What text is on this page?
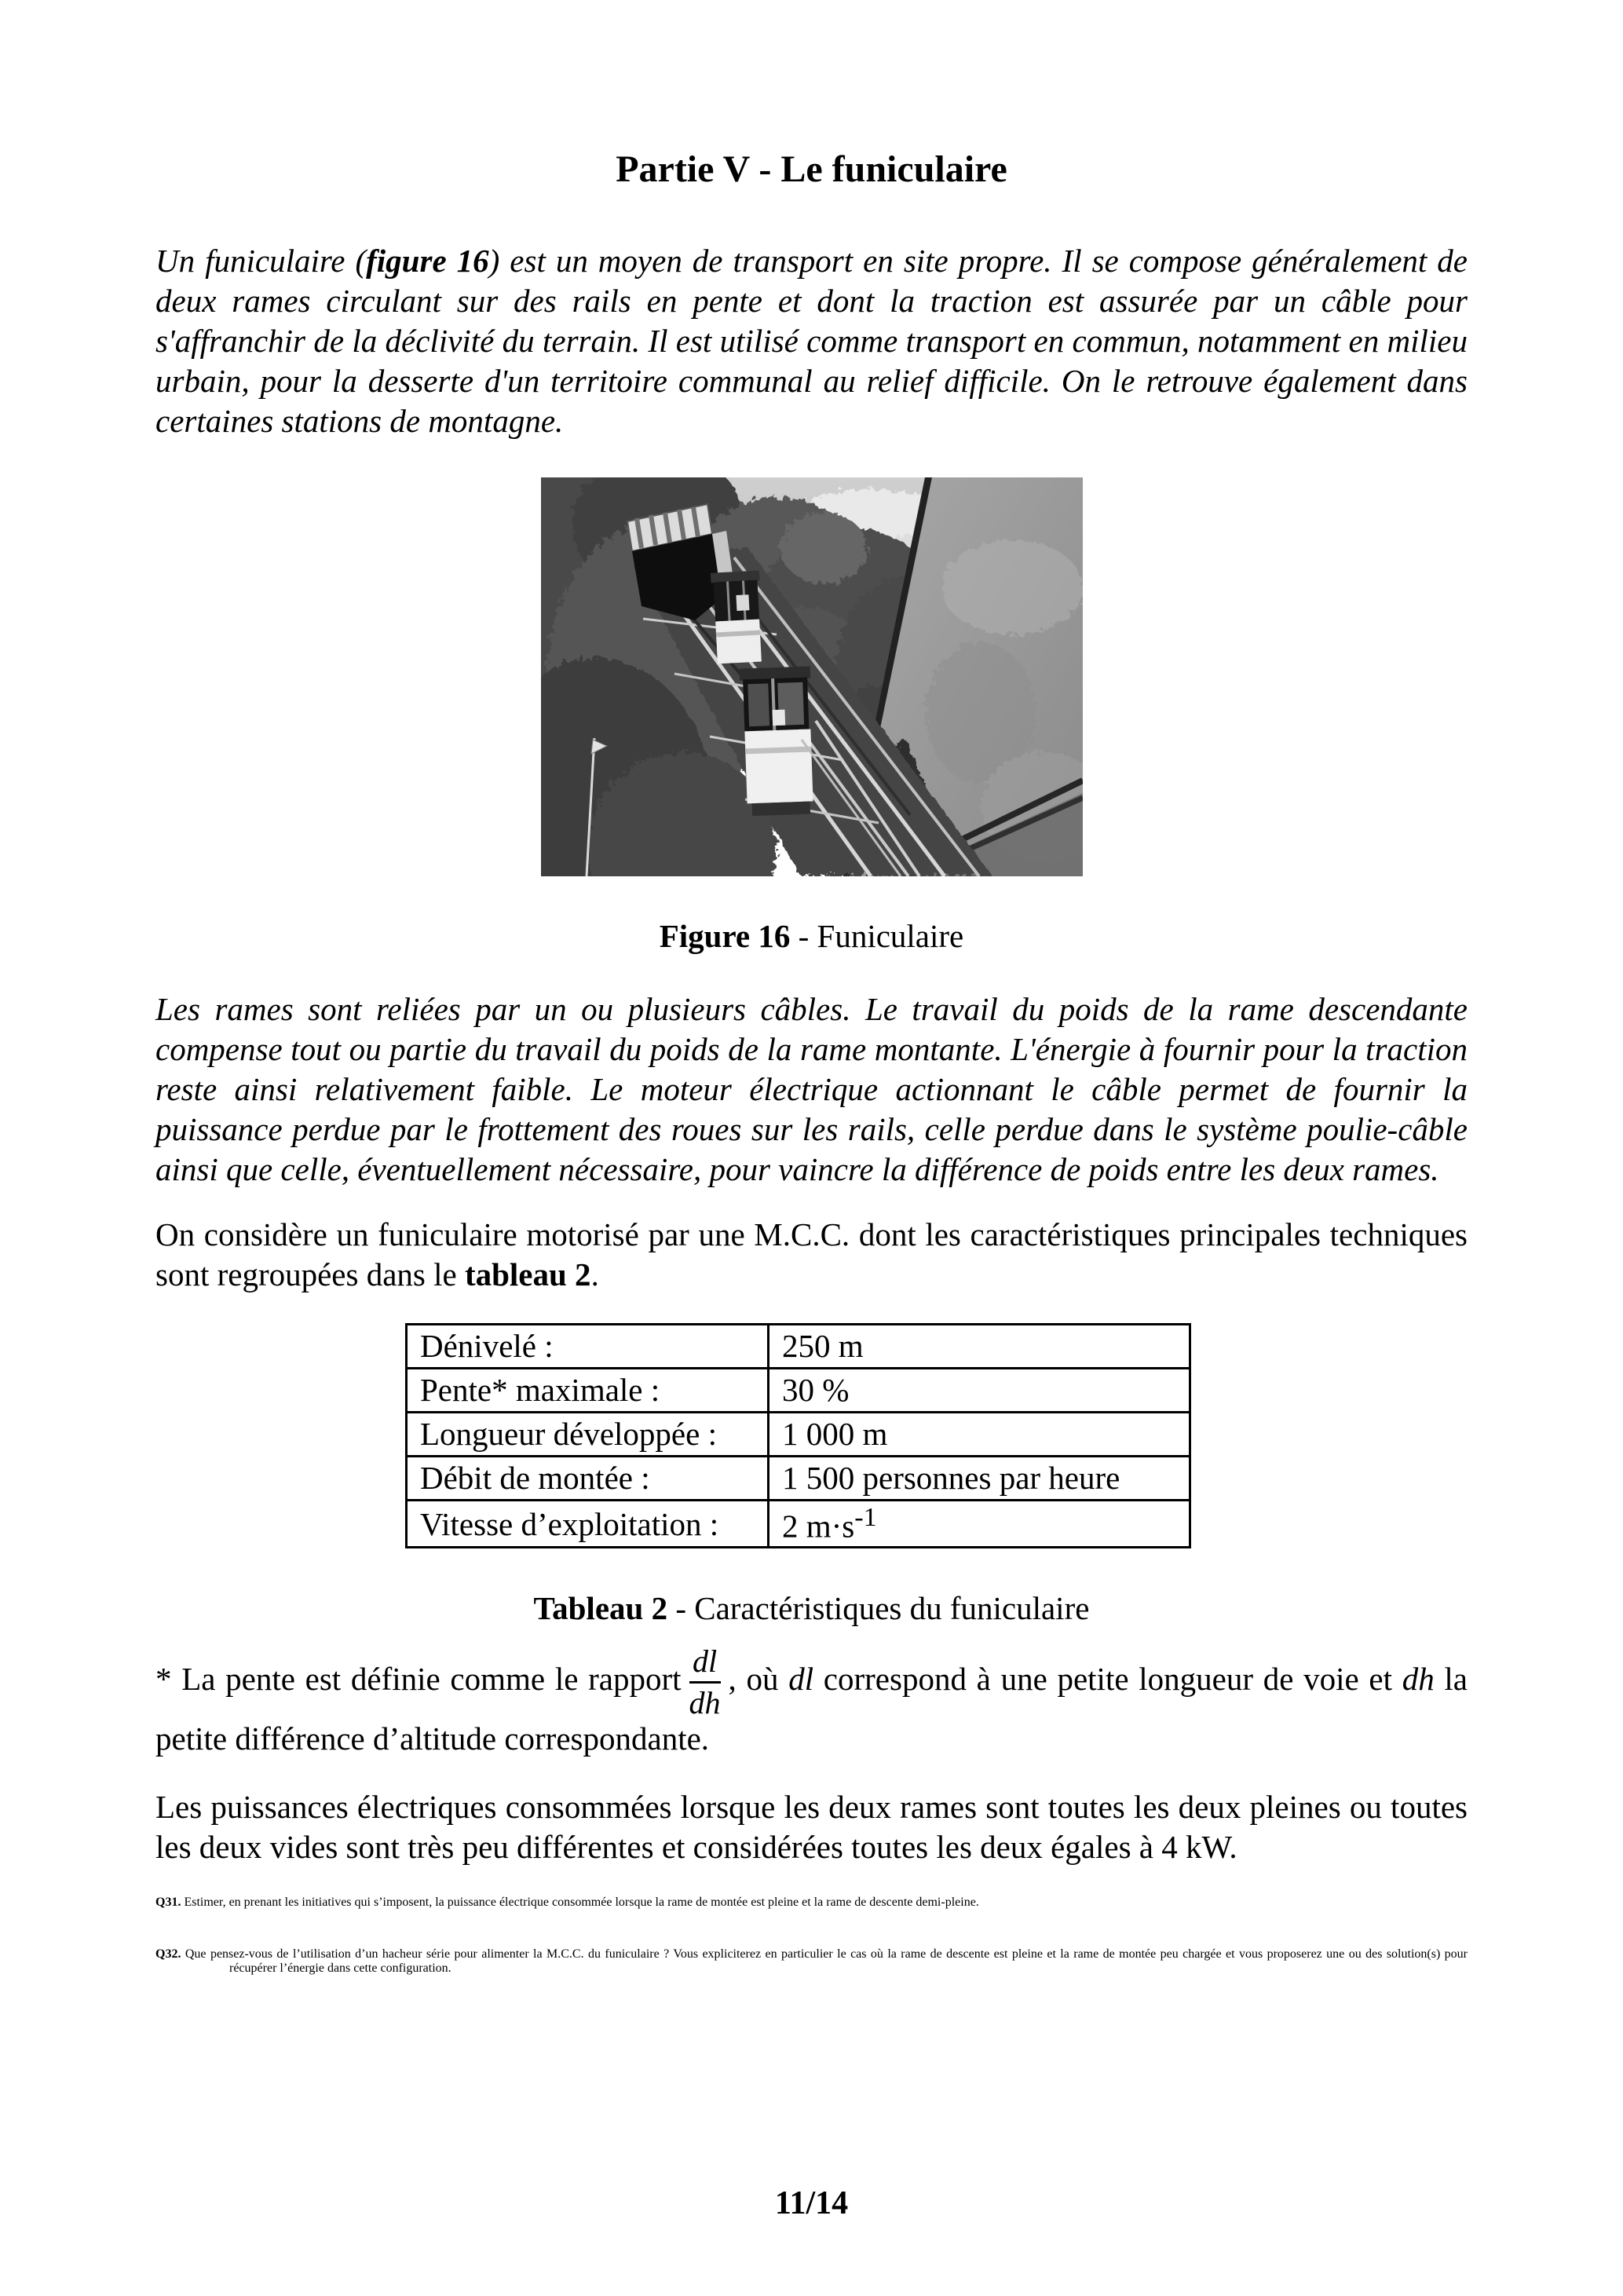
Partie V - Le funiculaire

Un funiculaire (figure 16) est un moyen de transport en site propre. Il se compose généralement de deux rames circulant sur des rails en pente et dont la traction est assurée par un câble pour s'affranchir de la déclivité du terrain. Il est utilisé comme transport en commun, notamment en milieu urbain, pour la desserte d'un territoire communal au relief difficile. On le retrouve également dans certaines stations de montagne.

Figure 16 - Funiculaire

Les rames sont reliées par un ou plusieurs câbles. Le travail du poids de la rame descendante compense tout ou partie du travail du poids de la rame montante. L'énergie à fournir pour la traction reste ainsi relativement faible. Le moteur électrique actionnant le câble permet de fournir la puissance perdue par le frottement des roues sur les rails, celle perdue dans le système poulie-câble ainsi que celle, éventuellement nécessaire, pour vaincre la différence de poids entre les deux rames.

On considère un funiculaire motorisé par une M.C.C. dont les caractéristiques principales techniques sont regroupées dans le tableau 2.

Dénivelé :	250 m
Pente* maximale :	30 %
Longueur développée :	1 000 m
Débit de montée :	1 500 personnes par heure
Vitesse d’exploitation :	2 $m\cdot s^{-1}$
Tableau 2 - Caractéristiques du funiculaire

* La pente est définie comme le rapport $\frac{dl}{dh}$ , où dl correspond à une petite longueur de voie et dh la petite différence d’altitude correspondante.

Les puissances électriques consommées lorsque les deux rames sont toutes les deux pleines ou toutes les deux vides sont très peu différentes et considérées toutes les deux égales à 4 kW.

Q31. Estimer, en prenant les initiatives qui s’imposent, la puissance électrique consommée lorsque la rame de montée est pleine et la rame de descente demi-pleine.
Q32. Que pensez-vous de l’utilisation d’un hacheur série pour alimenter la M.C.C. du funiculaire ? Vous expliciterez en particulier le cas où la rame de descente est pleine et la rame de montée peu chargée et vous proposerez une ou des solution(s) pour récupérer l’énergie dans cette configuration.
11/14
